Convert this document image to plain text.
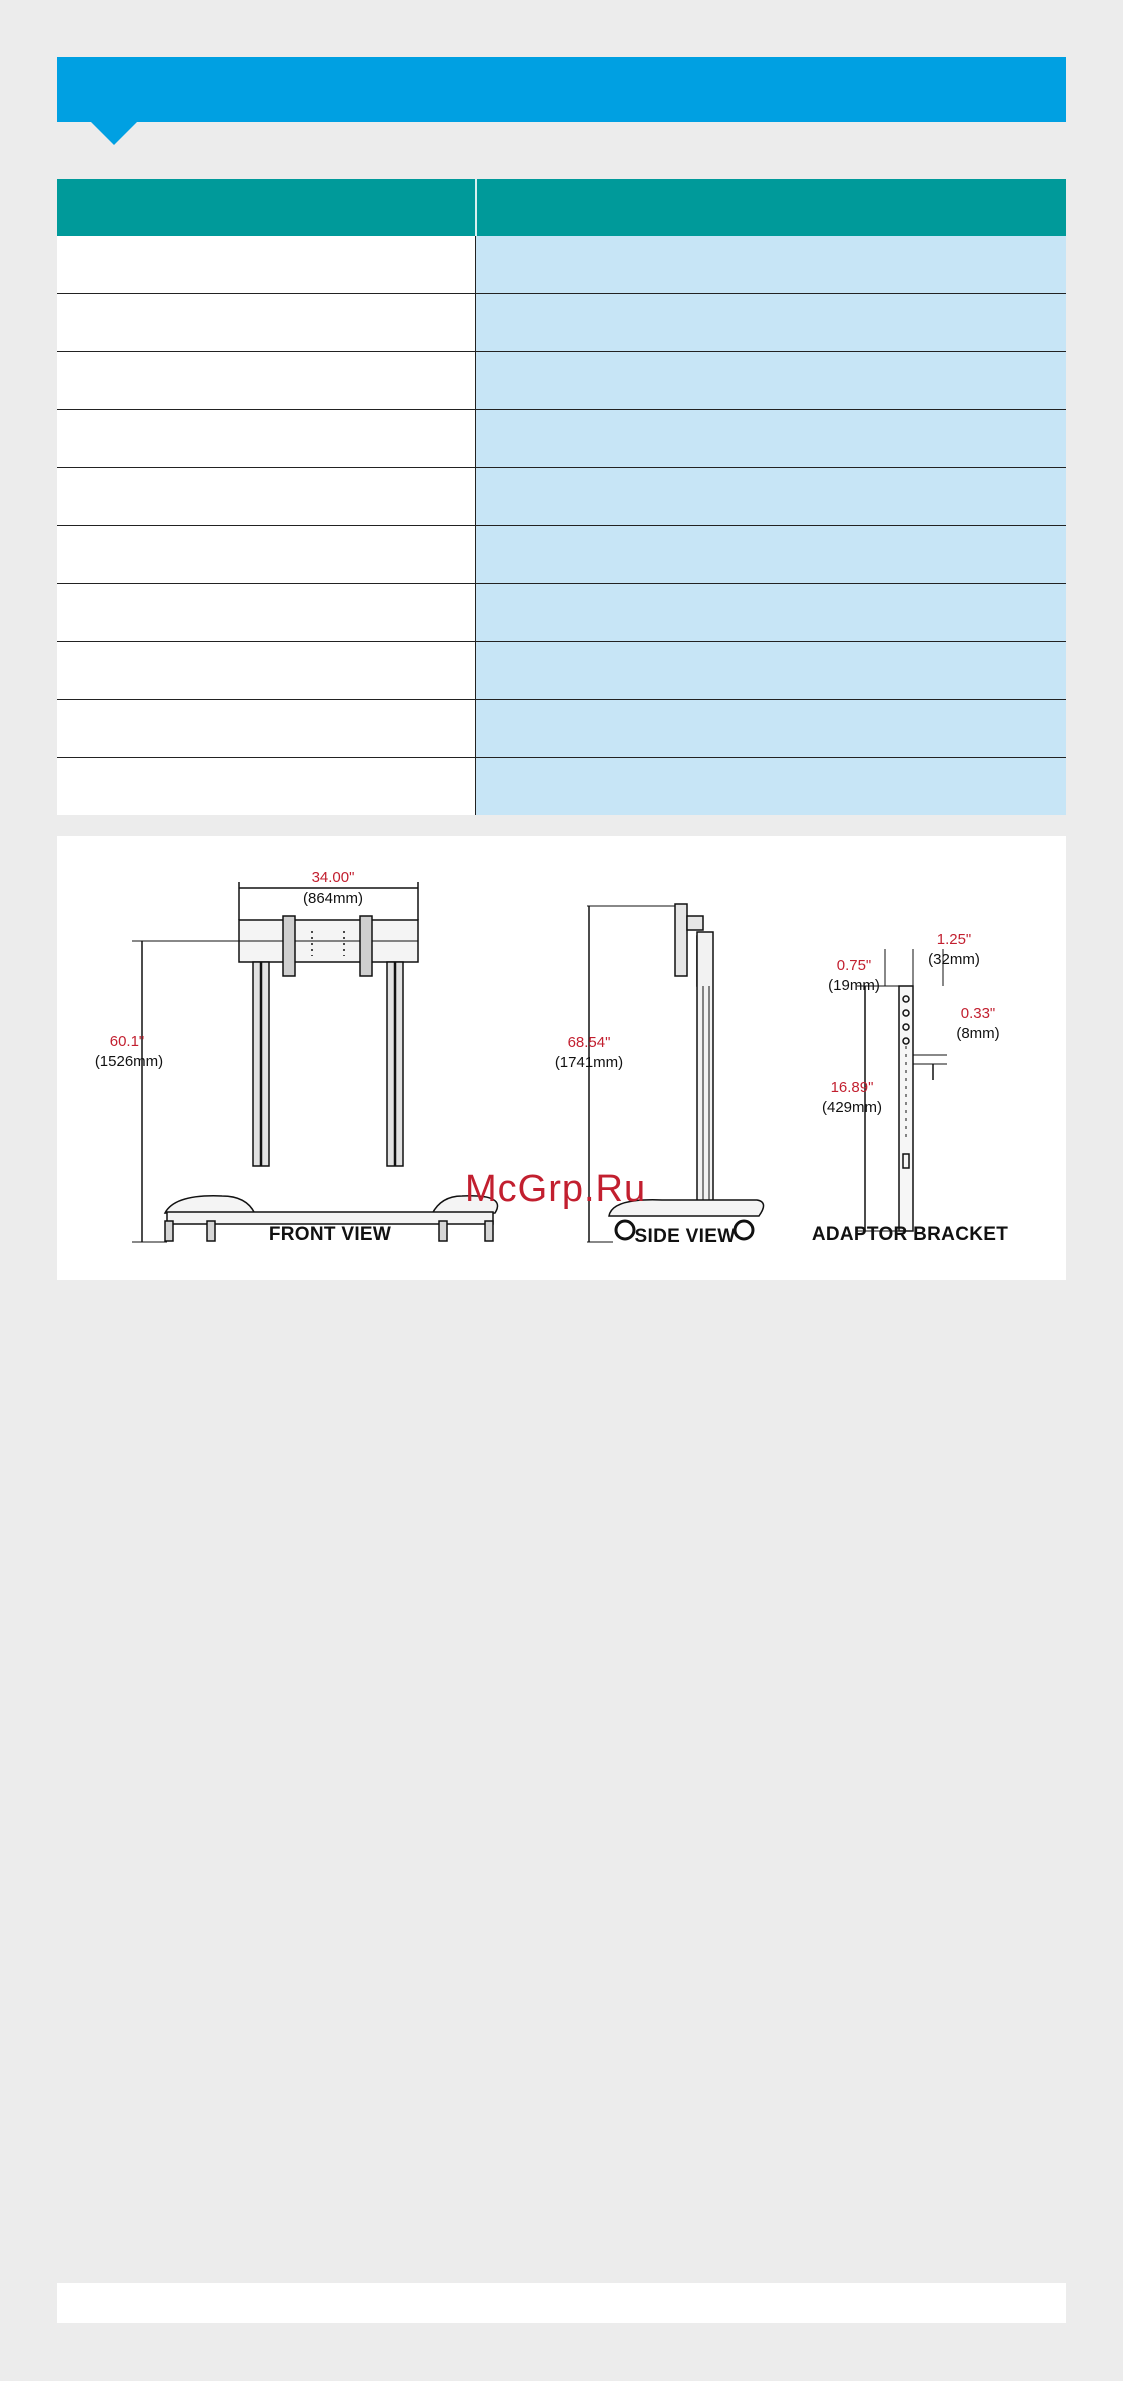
34.00"
(864mm)
60.1"
(1526mm)
FRONT VIEW
68.54"
(1741mm)
SIDE VIEW
1.25"
(32mm)
0.75"
(19mm)
0.33"
(8mm)
16.89"
(429mm)
ADAPTOR BRACKET
McGrp.Ru
